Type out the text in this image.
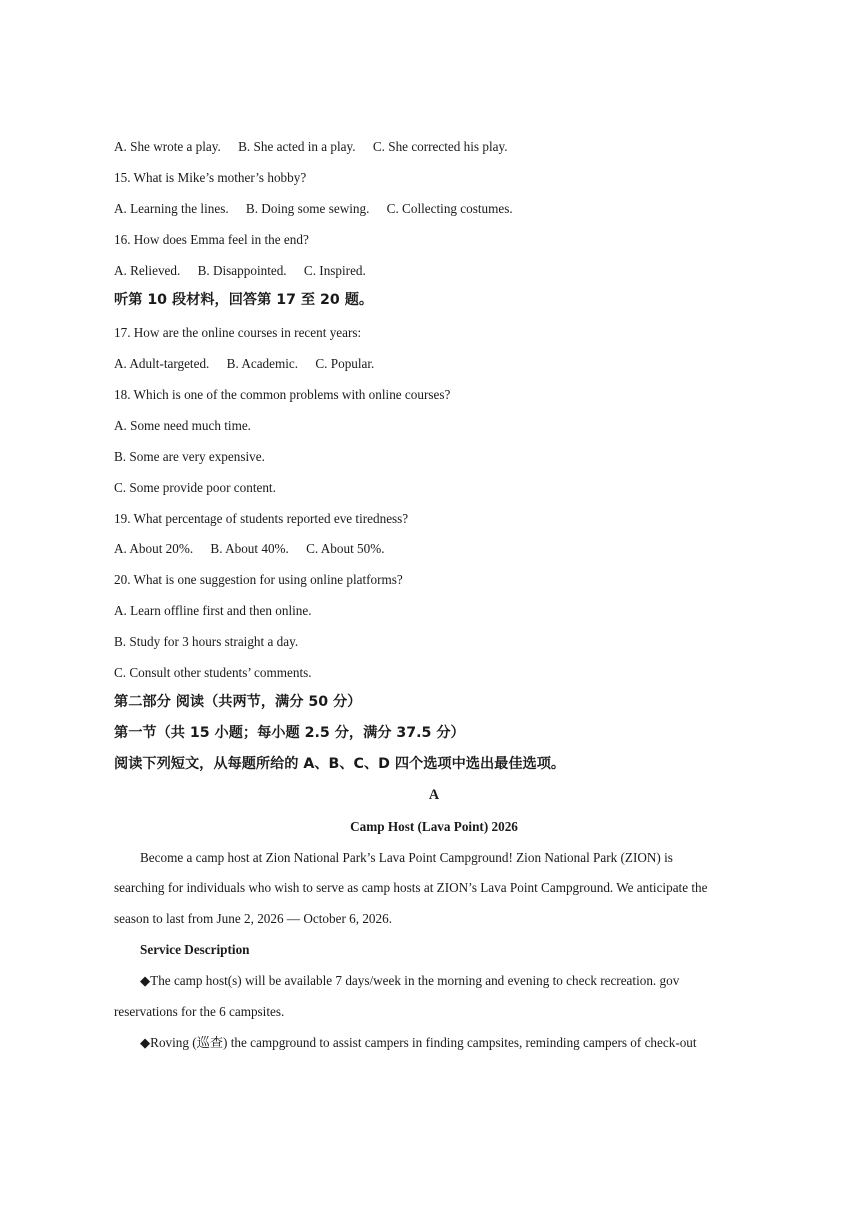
A. She wrote a play. B. She acted in a play. C. She corrected his play.
15. What is Mike’s mother’s hobby?
A. Learning the lines. B. Doing some sewing. C. Collecting costumes.
16. How does Emma feel in the end?
A. Relieved. B. Disappointed. C. Inspired.
听第 10 段材料，回答第 17 至 20 题。
17. How are the online courses in recent years:
A. Adult-targeted. B. Academic. C. Popular.
18. Which is one of the common problems with online courses?
A. Some need much time.
B. Some are very expensive.
C. Some provide poor content.
19. What percentage of students reported eve tiredness?
A. About 20%. B. About 40%. C. About 50%.
20. What is one suggestion for using online platforms?
A. Learn offline first and then online.
B. Study for 3 hours straight a day.
C. Consult other students’ comments.
第二部分 阅读（共两节，满分 50 分）
第一节（共 15 小题；每小题 2.5 分，满分 37.5 分）
阅读下列短文，从每题所给的 A、B、C、D 四个选项中选出最佳选项。
A
Camp Host (Lava Point) 2026
Become a camp host at Zion National Park’s Lava Point Campground! Zion National Park (ZION) is
searching for individuals who wish to serve as camp hosts at ZION’s Lava Point Campground. We anticipate the
season to last from June 2, 2026 — October 6, 2026.
Service Description
◆The camp host(s) will be available 7 days/week in the morning and evening to check recreation. gov
reservations for the 6 campsites.
◆Roving (巡查) the campground to assist campers in finding campsites, reminding campers of check-out
